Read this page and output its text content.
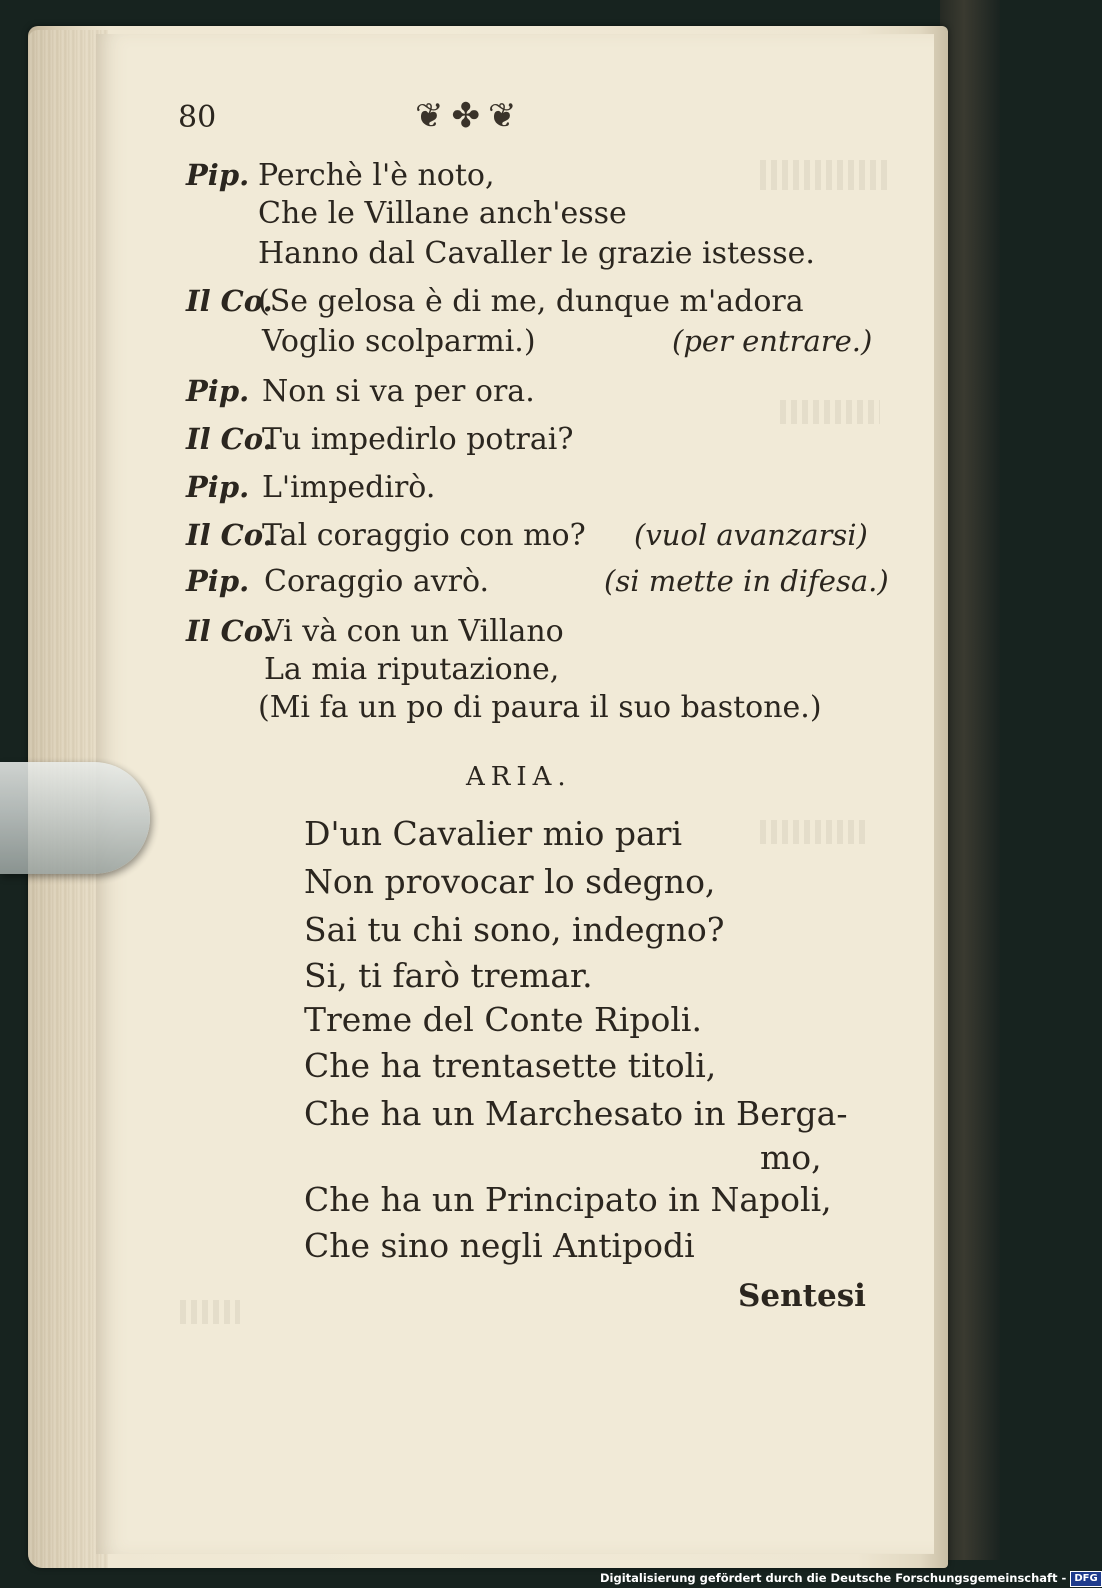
80	❦✤❦
Pip. Perchè l'è noto,
Che le Villane anch'esse
Hanno dal Cavaller le grazie istesse.
Il Co.
(Se gelosa è di me, dunque m'adora
Voglio scolparmi.)	(per entrare.)
Pip. Non si va per ora.
Il Co.
Tu impedirlo potrai?
Pip. L'impedirò.
Il Co.
Tal coraggio con mo? (vuol avanzarsi)
Pip. Coraggio avrò.	(si mette in difesa.)
Il Co.
Vi và con un Villano
La mia riputazione,
(Mi fa un po di paura il suo bastone.)
ARIA.
D'un Cavalier mio pari
Non provocar lo sdegno,
Sai tu chi sono, indegno?
Si, ti farò tremar.
Treme del Conte Ripoli.
Che ha trentasette titoli,
Che ha un Marchesato in Berga-
mo,
Che ha un Principato in Napoli,
Che sino negli Antipodi
Sentesi
Digitalisierung gefördert durch die Deutsche Forschungsgemeinschaft - DFG
